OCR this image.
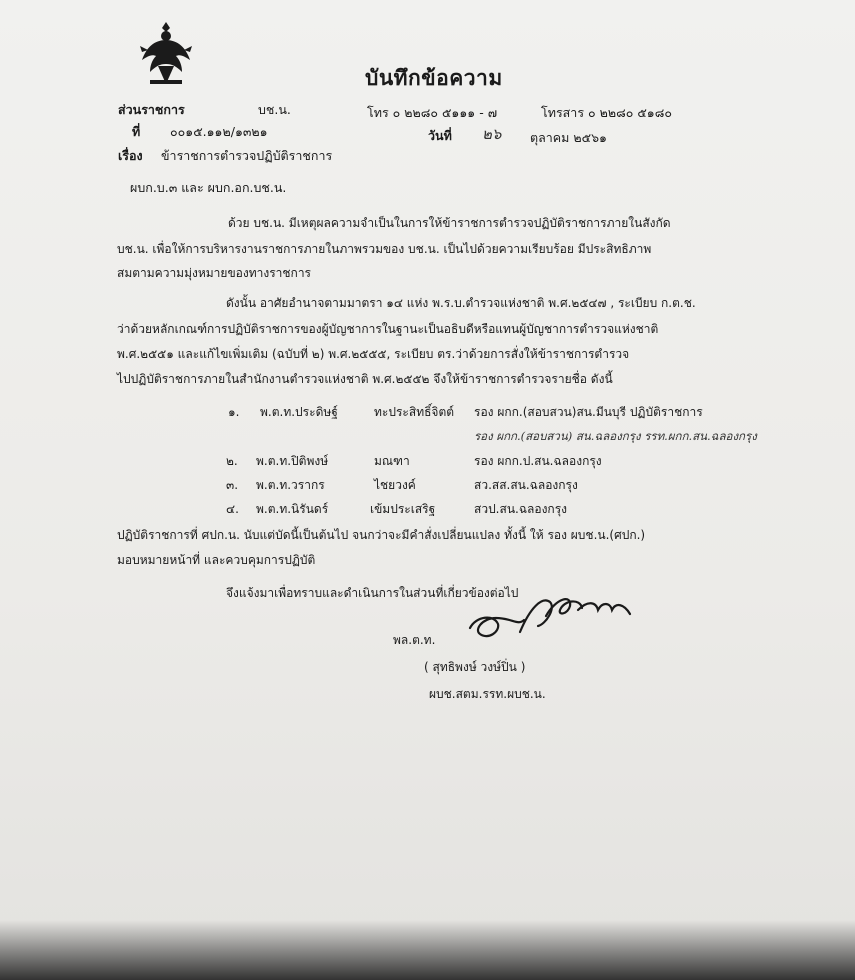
บันทึกข้อความ
ส่วนราชการ	บช.น.	โทร ๐ ๒๒๘๐ ๕๑๑๑ - ๗	โทรสาร ๐ ๒๒๘๐ ๕๑๘๐
ที่ ๐๐๑๕.๑๑๒/๑๓๒๑	วันที่ ๒๖ ตุลาคม ๒๕๖๑
เรื่อง ข้าราชการตำรวจปฏิบัติราชการ
ผบก.บ.๓ และ ผบก.อก.บช.น.
ด้วย บช.น. มีเหตุผลความจำเป็นในการให้ข้าราชการตำรวจปฏิบัติราชการภายในสังกัด
บช.น. เพื่อให้การบริหารงานราชการภายในภาพรวมของ บช.น. เป็นไปด้วยความเรียบร้อย มีประสิทธิภาพ
สมตามความมุ่งหมายของทางราชการ
ดังนั้น อาศัยอำนาจตามมาตรา ๑๔ แห่ง พ.ร.บ.ตำรวจแห่งชาติ พ.ศ.๒๕๔๗ , ระเบียบ ก.ต.ช.
ว่าด้วยหลักเกณฑ์การปฏิบัติราชการของผู้บัญชาการในฐานะเป็นอธิบดีหรือแทนผู้บัญชาการตำรวจแห่งชาติ
พ.ศ.๒๕๕๑ และแก้ไขเพิ่มเติม (ฉบับที่ ๒) พ.ศ.๒๕๕๕, ระเบียบ ตร.ว่าด้วยการสั่งให้ข้าราชการตำรวจ
ไปปฏิบัติราชการภายในสำนักงานตำรวจแห่งชาติ พ.ศ.๒๕๕๒ จึงให้ข้าราชการตำรวจรายชื่อ ดังนี้
๑. พ.ต.ท.ประดิษฐ์	ทะประสิทธิ์จิตต์ รอง ผกก.(สอบสวน)สน.มีนบุรี ปฏิบัติราชการ
รอง ผกก.(สอบสวน) สน.ฉลองกรุง รรท.ผกก.สน.ฉลองกรุง
๒. พ.ต.ท.ปิติพงษ์	มณฑา	รอง ผกก.ป.สน.ฉลองกรุง
๓. พ.ต.ท.วรากร	ไชยวงค์	สว.สส.สน.ฉลองกรุง
๔. พ.ต.ท.นิรันดร์	เข้มประเสริฐ	สวป.สน.ฉลองกรุง
ปฏิบัติราชการที่ ศปก.น. นับแต่บัดนี้เป็นต้นไป จนกว่าจะมีคำสั่งเปลี่ยนแปลง ทั้งนี้ ให้ รอง ผบช.น.(ศปก.)
มอบหมายหน้าที่ และควบคุมการปฏิบัติ
จึงแจ้งมาเพื่อทราบและดำเนินการในส่วนที่เกี่ยวข้องต่อไป
พล.ต.ท.
( สุทธิพงษ์ วงษ์ปิ่น )
ผบช.สตม.รรท.ผบช.น.
